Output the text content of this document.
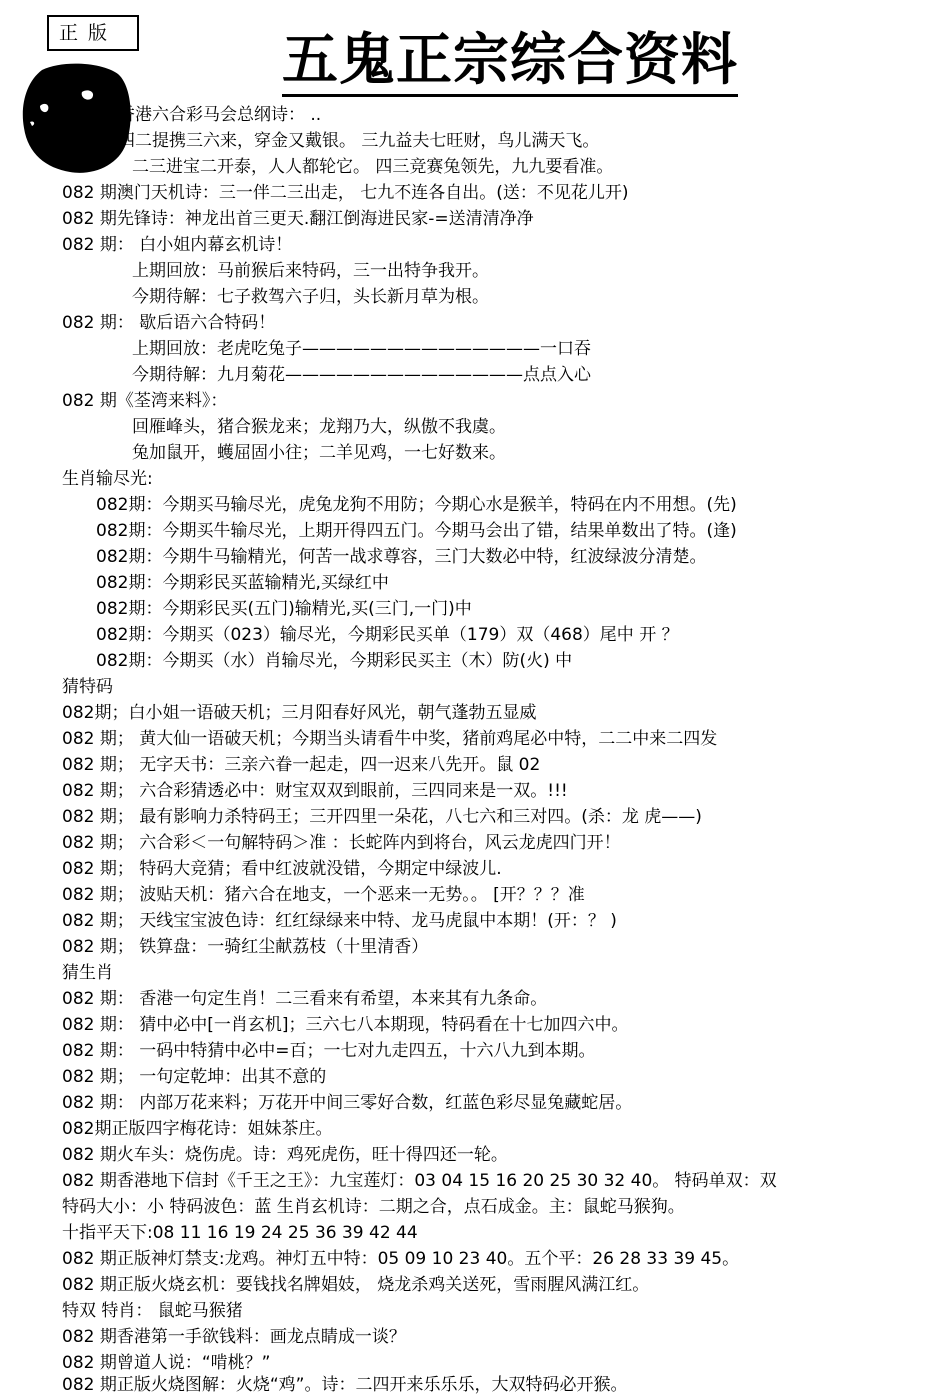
正 版	五鬼正宗综合资料
香港六合彩马会总纲诗： ..
四二提携三六来，穿金又戴银。 三九益夫七旺财，鸟儿满天飞。
二三进宝二开泰，人人都轮它。 四三竞赛兔领先，九九要看准。
082 期澳门天机诗：三一伴二三出走， 七九不连各自出。(送：不见花儿开)
082 期先锋诗：神龙出首三更天.翻江倒海进民家-=送清清净净
082 期： 白小姐内幕玄机诗！
上期回放：马前猴后来特码，三一出特争我开。
今期待解：七子救驾六子归，头长新月草为根。
082 期： 歇后语六合特码！
上期回放：老虎吃兔子——————————————一口吞
今期待解：九月菊花——————————————点点入心
082 期《荃湾来料》：
回雁峰头，猪合猴龙来；龙翔乃大，纵傲不我虞。
兔加鼠开，蠖屈固小往；二羊见鸡，一七好数来。
生肖输尽光:
082期：今期买马输尽光，虎兔龙狗不用防；今期心水是猴羊，特码在内不用想。(先)
082期：今期买牛输尽光，上期开得四五门。今期马会出了错，结果单数出了特。(逢)
082期：今期牛马输精光，何苦一战求尊容，三门大数必中特，红波绿波分清楚。
082期：今期彩民买蓝输精光,买绿红中
082期：今期彩民买(五门)输精光,买(三门,一门)中
082期：今期买（023）输尽光，今期彩民买单（179）双（468）尾中 开 ？
082期：今期买（水）肖输尽光，今期彩民买主（木）防(火) 中
猜特码
082期；白小姐一语破天机；三月阳春好风光，朝气蓬勃五显威
082 期； 黄大仙一语破天机；今期当头请看牛中奖，猪前鸡尾必中特，二二中来二四发
082 期； 无字天书：三亲六眷一起走，四一迟来八先开。鼠 02
082 期； 六合彩猜透必中：财宝双双到眼前，三四同来是一双。!!!
082 期； 最有影响力杀特码王；三开四里一朵花，八七六和三对四。(杀：龙 虎——)
082 期； 六合彩＜一句解特码＞准 ：长蛇阵内到将台，风云龙虎四门开！
082 期； 特码大竞猜；看中红波就没错，今期定中绿波儿.
082 期； 波贴天机：猪六合在地支，一个恶来一无势。。 [开？？？准
082 期； 天线宝宝波色诗：红红绿绿来中特、龙马虎鼠中本期！(开：？ )
082 期； 铁算盘：一骑红尘献荔枝（十里清香）
猜生肖
082 期： 香港一句定生肖！二三看来有希望，本来其有九条命。
082 期： 猜中必中[一肖玄机]；三六七八本期现，特码看在十七加四六中。
082 期： 一码中特猜中必中=百；一七对九走四五，十六八九到本期。
082 期； 一句定乾坤：出其不意的
082 期： 内部万花来料；万花开中间三零好合数，红蓝色彩尽显兔藏蛇居。
082期正版四字梅花诗：姐妹茶庄。
082 期火车头：烧伤虎。诗：鸡死虎伤，旺十得四还一轮。
082 期香港地下信封《千王之王》：九宝莲灯：03 04 15 16 20 25 30 32 40。 特码单双：双
特码大小：小 特码波色：蓝 生肖玄机诗：二期之合，点石成金。主：鼠蛇马猴狗。
十指平天下:08 11 16 19 24 25 36 39 42 44
082 期正版神灯禁支:龙鸡。神灯五中特：05 09 10 23 40。五个平：26 28 33 39 45。
082 期正版火烧玄机：要钱找名牌娼妓， 烧龙杀鸡关送死，雪雨腥风满江红。
特双 特肖： 鼠蛇马猴猪
082 期香港第一手欲钱料：画龙点睛成一谈？
082 期曾道人说：“啃桃？”
082 期正版火烧图解：火烧“鸡”。诗：二四开来乐乐乐，大双特码必开猴。
